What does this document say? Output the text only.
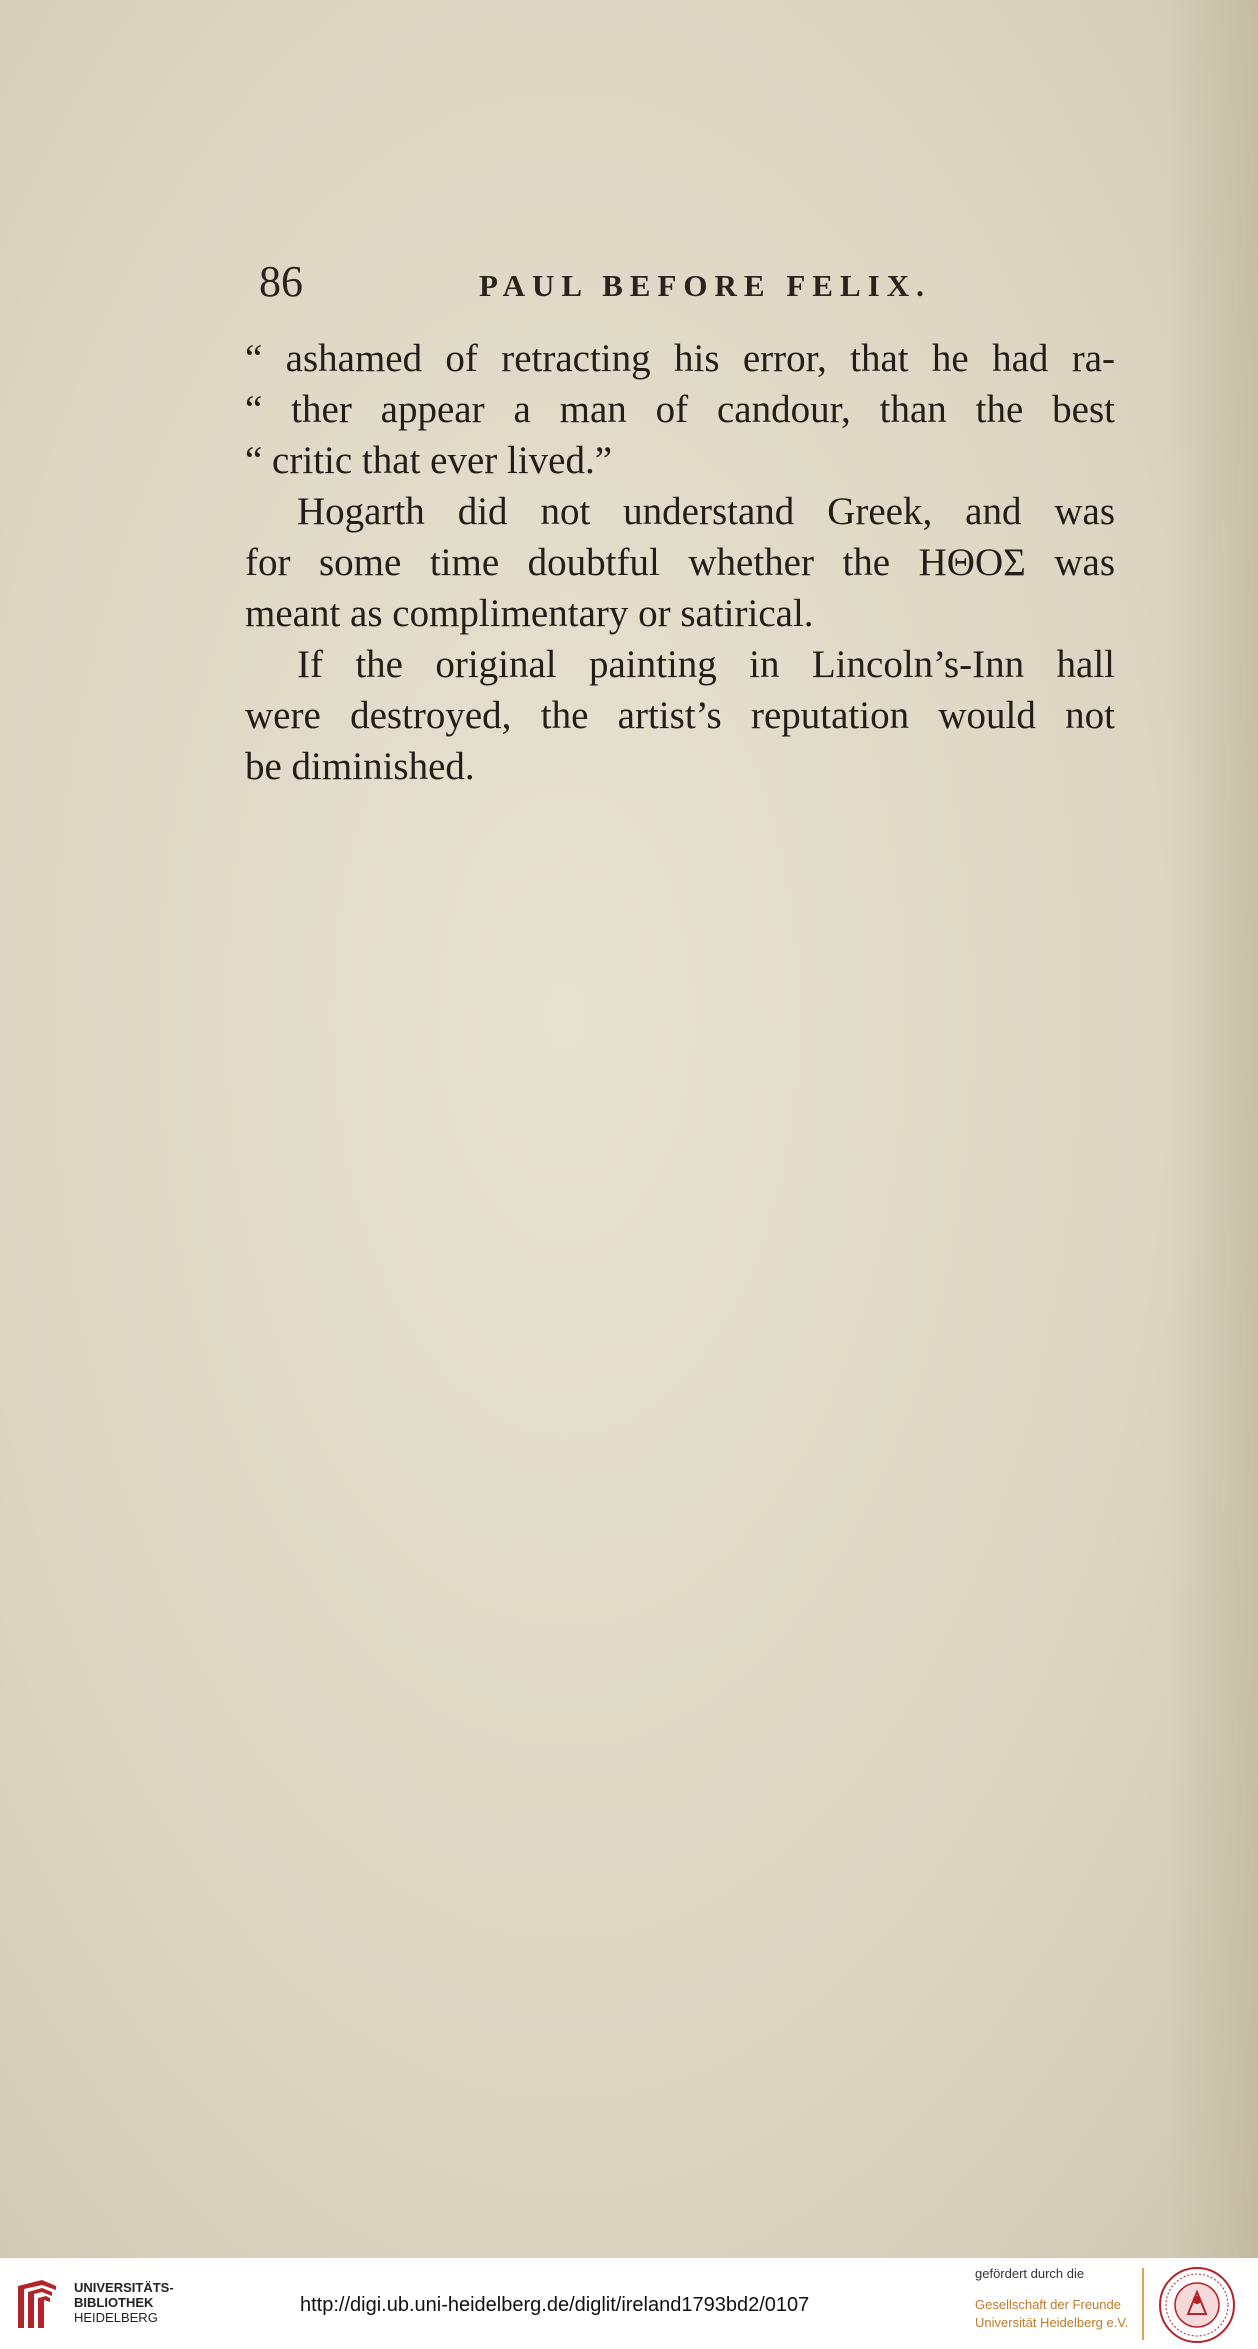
86	PAUL BEFORE FELIX.
“ ashamed of retracting his error, that he had ra-
“ ther appear a man of candour, than the best
“ critic that ever lived.”
Hogarth did not understand Greek, and was
for some time doubtful whether the ΗΘΟΣ was
meant as complimentary or satirical.
If the original painting in Lincoln’s-Inn hall
were destroyed, the artist’s reputation would not
be diminished.
UNIVERSITÄTS-
BIBLIOTHEK
HEIDELBERG
http://digi.ub.uni-heidelberg.de/diglit/ireland1793bd2/0107
gefördert durch die
Gesellschaft der Freunde
Universität Heidelberg e.V.
